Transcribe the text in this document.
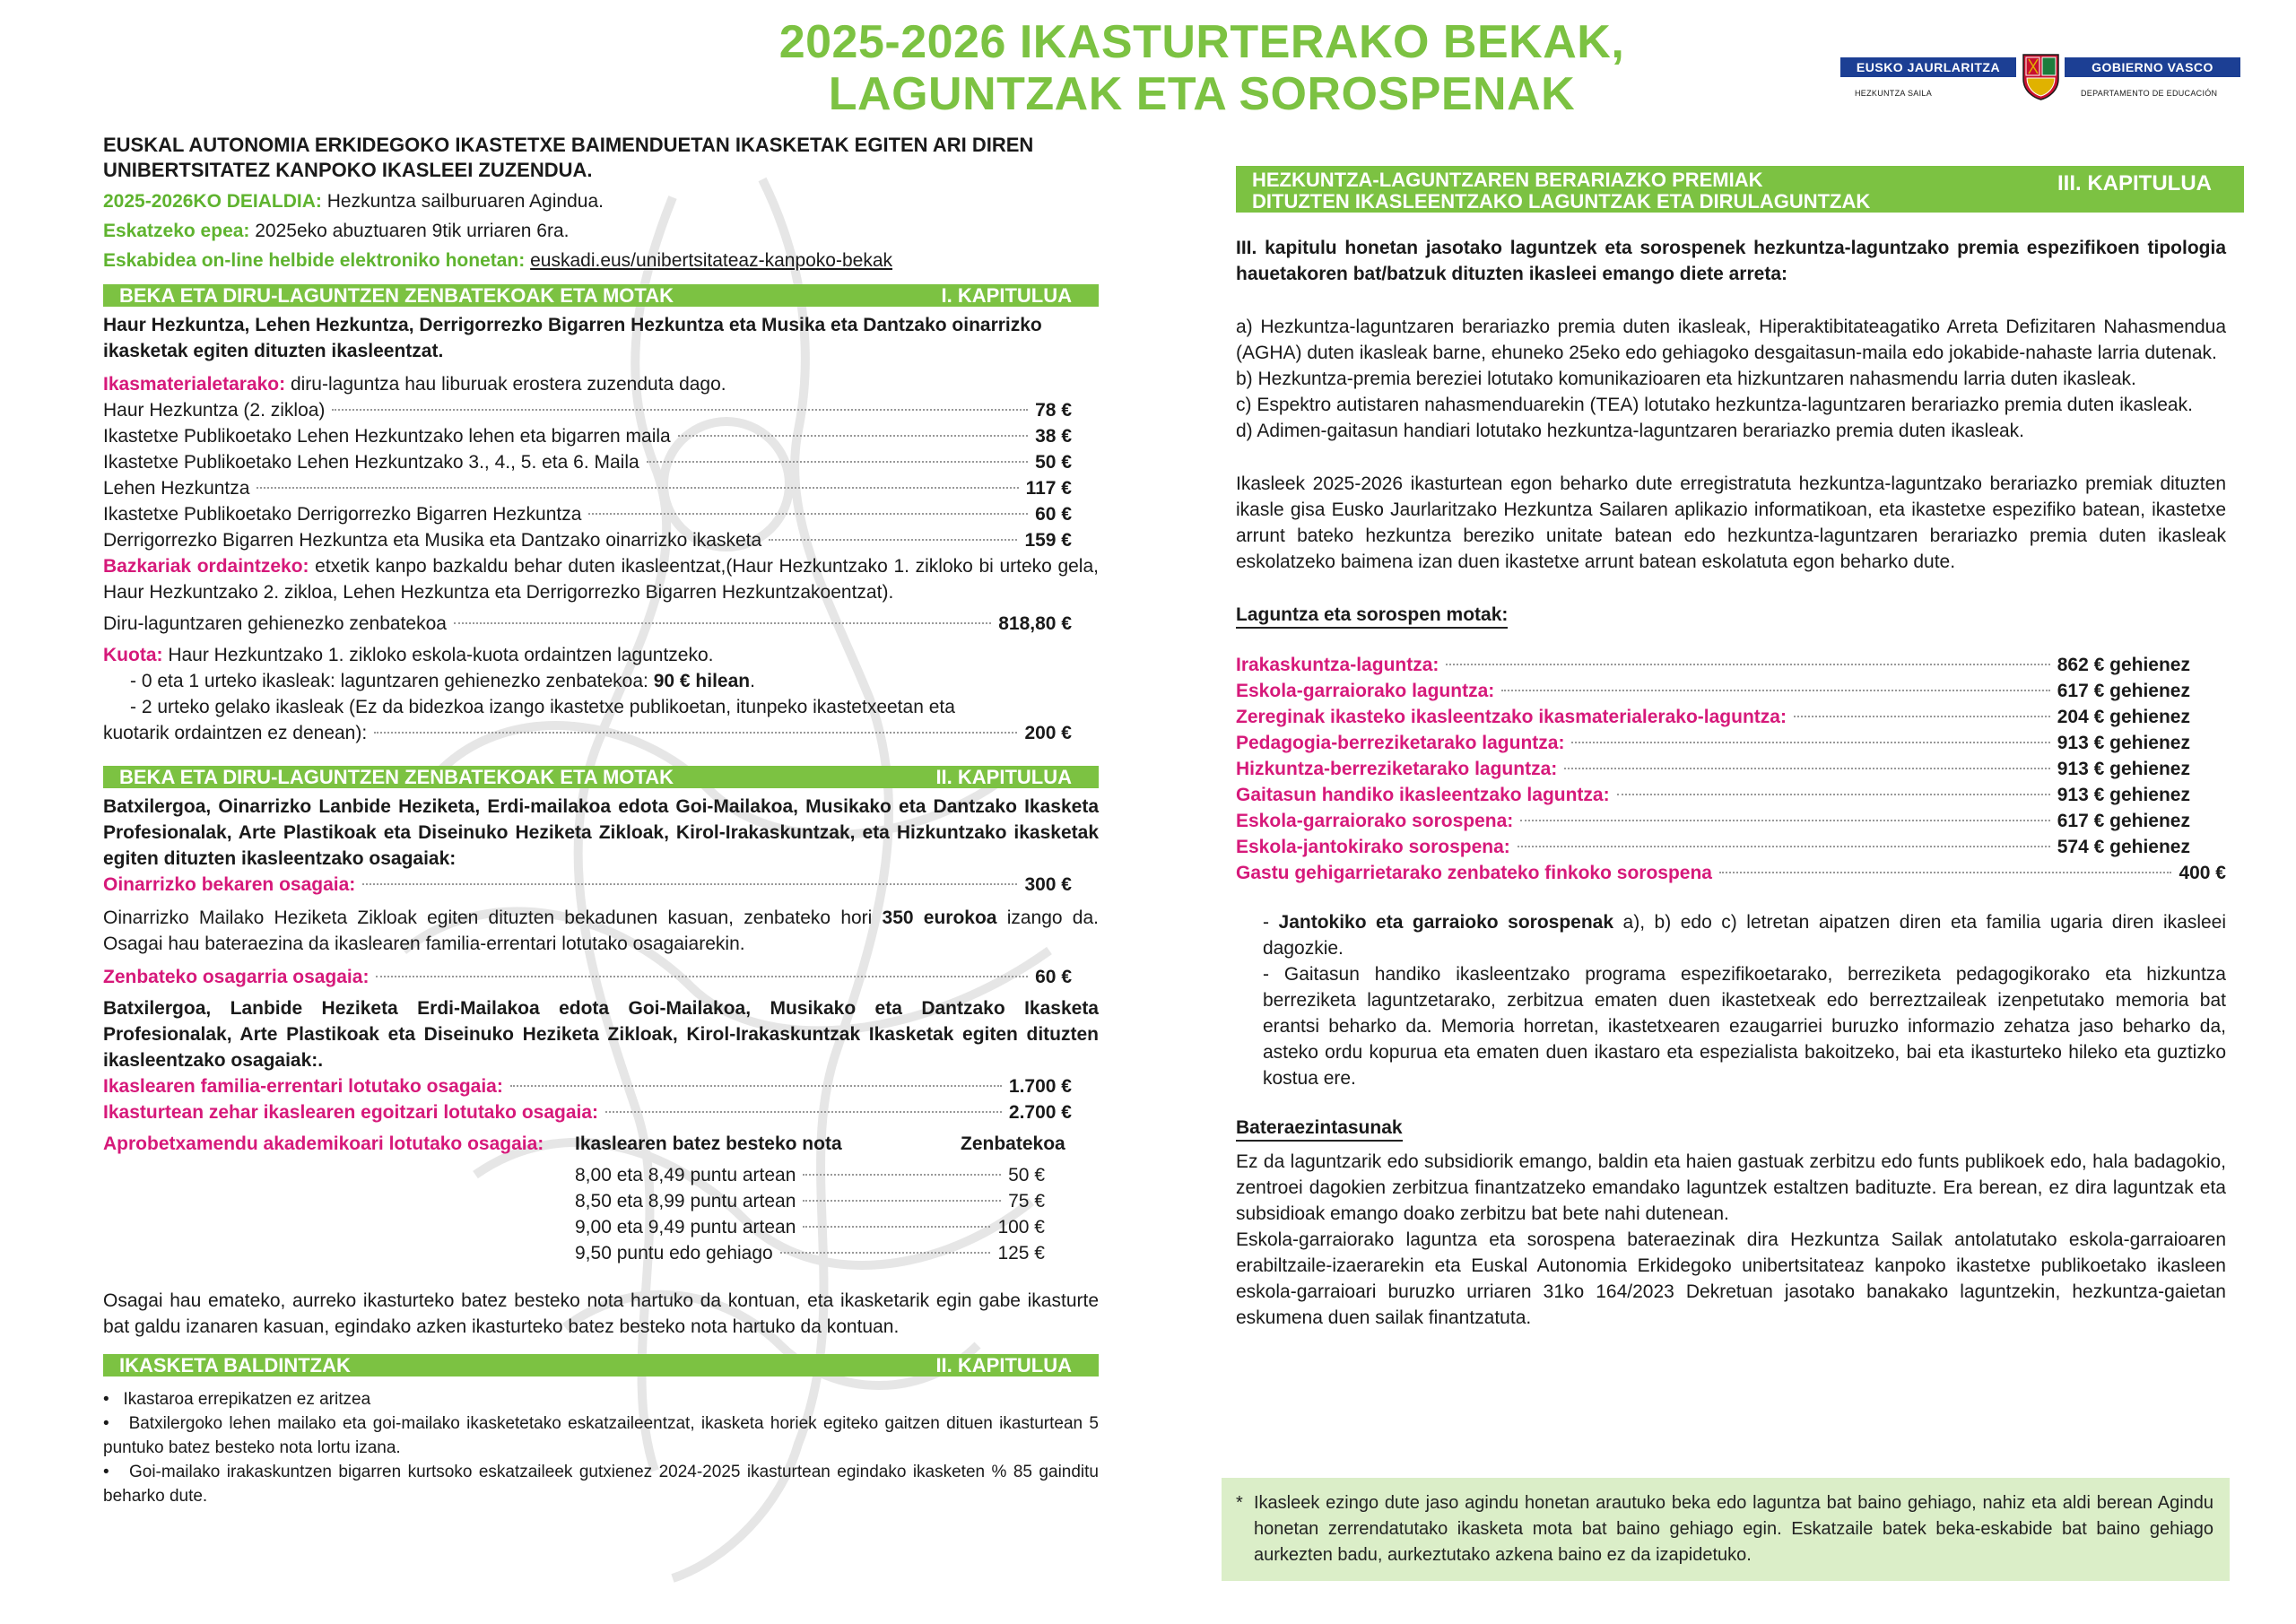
2025-2026 IKASTURTERAKO BEKAK,
LAGUNTZAK ETA SOROSPENAK
EUSKO JAURLARITZA	GOBIERNO VASCO
HEZKUNTZA SAILA	DEPARTAMENTO DE EDUCACIÓN
EUSKAL AUTONOMIA ERKIDEGOKO IKASTETXE BAIMENDUETAN IKASKETAK EGITEN ARI DIREN UNIBERTSITATEZ KANPOKO IKASLEEI ZUZENDUA.
2025-2026KO DEIALDIA: Hezkuntza sailburuaren Agindua.
Eskatzeko epea: 2025eko abuztuaren 9tik urriaren 6ra.
Eskabidea on-line helbide elektroniko honetan: euskadi.eus/unibertsitateaz-kanpoko-bekak
BEKA ETA DIRU-LAGUNTZEN ZENBATEKOAK ETA MOTAK	I. KAPITULUA
Haur Hezkuntza, Lehen Hezkuntza, Derrigorrezko Bigarren Hezkuntza eta Musika eta Dantzako oinarrizko ikasketak egiten dituzten ikasleentzat.
Ikasmaterialetarako: diru-laguntza hau liburuak erostera zuzenduta dago.
Haur Hezkuntza (2. zikloa)	78 €
Ikastetxe Publikoetako Lehen Hezkuntzako lehen eta bigarren maila	38 €
Ikastetxe Publikoetako Lehen Hezkuntzako 3., 4., 5. eta 6. Maila	50 €
Lehen Hezkuntza	117 €
Ikastetxe Publikoetako Derrigorrezko Bigarren Hezkuntza	60 €
Derrigorrezko Bigarren Hezkuntza eta Musika eta Dantzako oinarrizko ikasketa	159 €
Bazkariak ordaintzeko: etxetik kanpo bazkaldu behar duten ikasleentzat,(Haur Hezkuntzako 1. zikloko bi urteko gela, Haur Hezkuntzako 2. zikloa, Lehen Hezkuntza eta Derrigorrezko Bigarren Hezkuntzakoentzat).
Diru-laguntzaren gehienezko zenbatekoa	818,80 €
Kuota: Haur Hezkuntzako 1. zikloko eskola-kuota ordaintzen laguntzeko.
- 0 eta 1 urteko ikasleak: laguntzaren gehienezko zenbatekoa: 90 € hilean.
- 2 urteko gelako ikasleak (Ez da bidezkoa izango ikastetxe publikoetan, itunpeko ikastetxeetan eta
kuotarik ordaintzen ez denean):	200 €
BEKA ETA DIRU-LAGUNTZEN ZENBATEKOAK ETA MOTAK	II. KAPITULUA
Batxilergoa, Oinarrizko Lanbide Heziketa, Erdi-mailakoa edota Goi-Mailakoa, Musikako eta Dantzako Ikasketa Profesionalak, Arte Plastikoak eta Diseinuko Heziketa Zikloak, Kirol-Irakaskuntzak, eta Hizkuntzako ikasketak egiten dituzten ikasleentzako osagaiak:
Oinarrizko bekaren osagaia:	300 €
Oinarrizko Mailako Heziketa Zikloak egiten dituzten bekadunen kasuan, zenbateko hori 350 eurokoa izango da. Osagai hau bateraezina da ikaslearen familia-errentari lotutako osagaiarekin.
Zenbateko osagarria osagaia:	60 €
Batxilergoa, Lanbide Heziketa Erdi-Mailakoa edota Goi-Mailakoa, Musikako eta Dantzako Ikasketa Profesionalak, Arte Plastikoak eta Diseinuko Heziketa Zikloak, Kirol-Irakaskuntzak Ikasketak egiten dituzten ikasleentzako osagaiak:.
Ikaslearen familia-errentari lotutako osagaia:	1.700 €
Ikasturtean zehar ikaslearen egoitzari lotutako osagaia:	2.700 €
Aprobetxamendu akademikoari lotutako osagaia:	Ikaslearen batez besteko nota	Zenbatekoa
8,00 eta 8,49 puntu artean	50 €
8,50 eta 8,99 puntu artean	75 €
9,00 eta 9,49 puntu artean	100 €
9,50 puntu edo gehiago	125 €
Osagai hau emateko, aurreko ikasturteko batez besteko nota hartuko da kontuan, eta ikasketarik egin gabe ikasturte bat galdu izanaren kasuan, egindako azken ikasturteko batez besteko nota hartuko da kontuan.
IKASKETA BALDINTZAK	II. KAPITULUA
•   Ikastaroa errepikatzen ez aritzea
•   Batxilergoko lehen mailako eta goi-mailako ikasketetako eskatzaileentzat, ikasketa horiek egiteko gaitzen dituen ikasturtean 5 puntuko batez besteko nota lortu izana.
•   Goi-mailako irakaskuntzen bigarren kurtsoko eskatzaileek gutxienez 2024-2025 ikasturtean egindako ikasketen % 85 gainditu beharko dute.
HEZKUNTZA-LAGUNTZAREN BERARIAZKO PREMIAK
DITUZTEN IKASLEENTZAKO LAGUNTZAK ETA DIRULAGUNTZAK
III. KAPITULUA
III. kapitulu honetan jasotako laguntzek eta sorospenek hezkuntza-laguntzako premia espezifikoen tipologia hauetakoren bat/batzuk dituzten ikasleei emango diete arreta:
a) Hezkuntza-laguntzaren berariazko premia duten ikasleak, Hiperaktibitateagatiko Arreta Defizitaren Nahasmendua (AGHA) duten ikasleak barne, ehuneko 25eko edo gehiagoko desgaitasun-maila edo jokabide-nahaste larria dutenak.
b) Hezkuntza-premia bereziei lotutako komunikazioaren eta hizkuntzaren nahasmendu larria duten ikasleak.
c) Espektro autistaren nahasmenduarekin (TEA) lotutako hezkuntza-laguntzaren berariazko premia duten ikasleak.
d) Adimen-gaitasun handiari lotutako hezkuntza-laguntzaren berariazko premia duten ikasleak.
Ikasleek 2025-2026 ikasturtean egon beharko dute erregistratuta hezkuntza-laguntzako berariazko premiak dituzten ikasle gisa Eusko Jaurlaritzako Hezkuntza Sailaren aplikazio informatikoan, eta ikastetxe espezifiko batean, ikastetxe arrunt bateko hezkuntza bereziko unitate batean edo hezkuntza-laguntzaren berariazko premia duten ikasleak eskolatzeko baimena izan duen ikastetxe arrunt batean eskolatuta egon beharko dute.
Laguntza eta sorospen motak:
Irakaskuntza-laguntza:	862 € gehienez
Eskola-garraiorako laguntza:	617 € gehienez
Zereginak ikasteko ikasleentzako ikasmaterialerako-laguntza:	204 € gehienez
Pedagogia-berreziketarako laguntza:	913 € gehienez
Hizkuntza-berreziketarako laguntza:	913 € gehienez
Gaitasun handiko ikasleentzako laguntza:	913 € gehienez
Eskola-garraiorako sorospena:	617 € gehienez
Eskola-jantokirako sorospena:	574 € gehienez
Gastu gehigarrietarako zenbateko finkoko sorospena	400 €
- Jantokiko eta garraioko sorospenak a), b) edo c) letretan aipatzen diren eta familia ugaria diren ikasleei dagozkie.
- Gaitasun handiko ikasleentzako programa espezifikoetarako, berreziketa pedagogikorako eta hizkuntza berreziketa laguntzetarako, zerbitzua ematen duen ikastetxeak edo berreztzaileak izenpetutako memoria bat erantsi beharko da. Memoria horretan, ikastetxearen ezaugarriei buruzko informazio zehatza jaso beharko da, asteko ordu kopurua eta ematen duen ikastaro eta espezialista bakoitzeko, bai eta ikasturteko hileko eta guztizko kostua ere.
Bateraezintasunak
Ez da laguntzarik edo subsidiorik emango, baldin eta haien gastuak zerbitzu edo funts publikoek edo, hala badagokio, zentroei dagokien zerbitzua finantzatzeko emandako laguntzek estaltzen badituzte. Era berean, ez dira laguntzak eta subsidioak emango doako zerbitzu bat bete nahi dutenean.
Eskola-garraiorako laguntza eta sorospena bateraezinak dira Hezkuntza Sailak antolatutako eskola-garraioaren erabiltzaile-izaerarekin eta Euskal Autonomia Erkidegoko unibertsitateaz kanpoko ikastetxe publikoetako ikasleen eskola-garraioari buruzko urriaren 31ko 164/2023 Dekretuan jasotako banakako laguntzekin, hezkuntza-gaietan eskumena duen sailak finantzatuta.
* Ikasleek ezingo dute jaso agindu honetan arautuko beka edo laguntza bat baino gehiago, nahiz eta aldi berean Agindu honetan zerrendatutako ikasketa mota bat baino gehiago egin. Eskatzaile batek beka-eskabide bat baino gehiago aurkezten badu, aurkeztutako azkena baino ez da izapidetuko.
